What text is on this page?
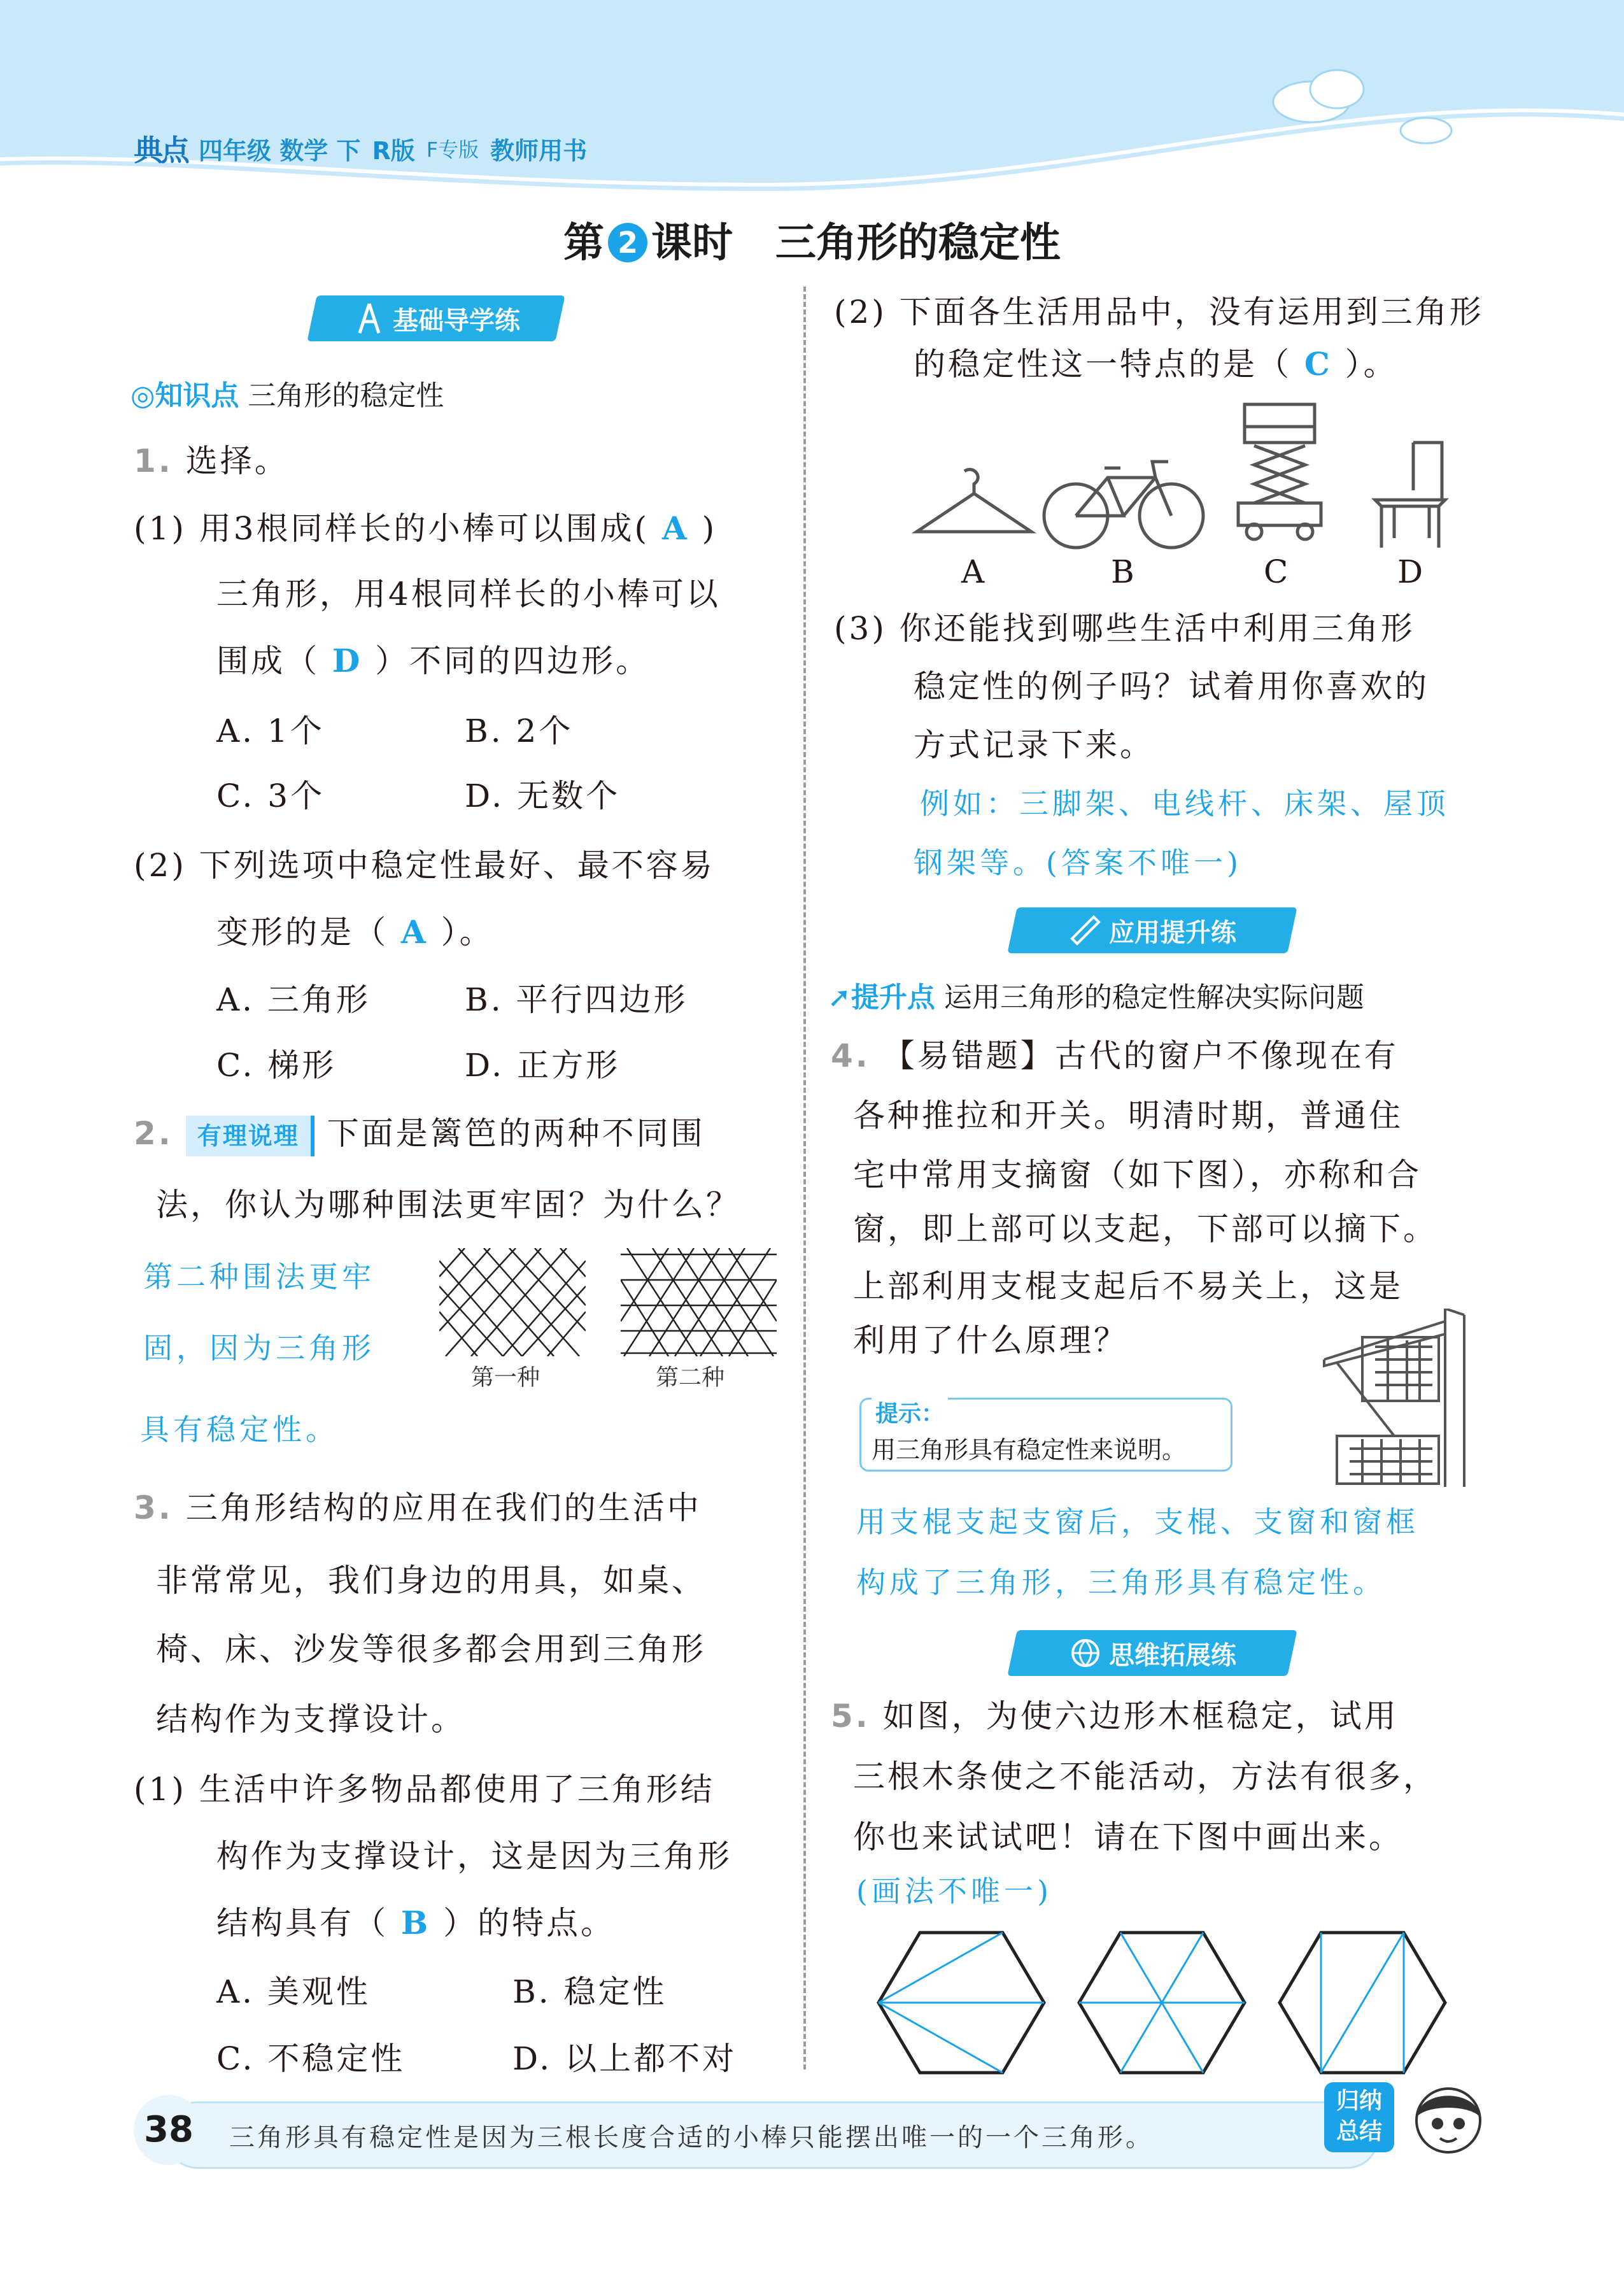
典点 四年级 数学 下 R版 F专版 教师用书
第 2 课时 三角形的稳定性
基础导学练
◎知识点 三角形的稳定性
1. 选择。
(1) 用3根同样长的小棒可以围成( A )
三角形，用4根同样长的小棒可以
围成（ D ）不同的四边形。
A. 1个	B. 2个
C. 3个	D. 无数个
(2) 下列选项中稳定性最好、最不容易
变形的是（ A ）。
A. 三角形	B. 平行四边形
C. 梯形	D. 正方形
2. 有理说理 下面是篱笆的两种不同围
法，你认为哪种围法更牢固？为什么？
第二种围法更牢
固，因为三角形
具有稳定性。
第一种	第二种
3. 三角形结构的应用在我们的生活中
非常常见，我们身边的用具，如桌、
椅、床、沙发等很多都会用到三角形
结构作为支撑设计。
(1) 生活中许多物品都使用了三角形结
构作为支撑设计，这是因为三角形
结构具有（ B ）的特点。
A. 美观性	B. 稳定性
C. 不稳定性	D. 以上都不对
(2) 下面各生活用品中，没有运用到三角形
的稳定性这一特点的是（ C ）。
A	B	C	D
(3) 你还能找到哪些生活中利用三角形
稳定性的例子吗？试着用你喜欢的
方式记录下来。
例如：三脚架、电线杆、床架、屋顶
钢架等。(答案不唯一)
应用提升练
➚提升点 运用三角形的稳定性解决实际问题
4. 【易错题】古代的窗户不像现在有
各种推拉和开关。明清时期，普通住
宅中常用支摘窗（如下图），亦称和合
窗，即上部可以支起，下部可以摘下。
上部利用支棍支起后不易关上，这是
利用了什么原理？
提示：
用三角形具有稳定性来说明。
用支棍支起支窗后，支棍、支窗和窗框
构成了三角形，三角形具有稳定性。
思维拓展练
5. 如图，为使六边形木框稳定，试用
三根木条使之不能活动，方法有很多，
你也来试试吧！请在下图中画出来。
(画法不唯一)
38	三角形具有稳定性是因为三根长度合适的小棒只能摆出唯一的一个三角形。
归纳
总结
